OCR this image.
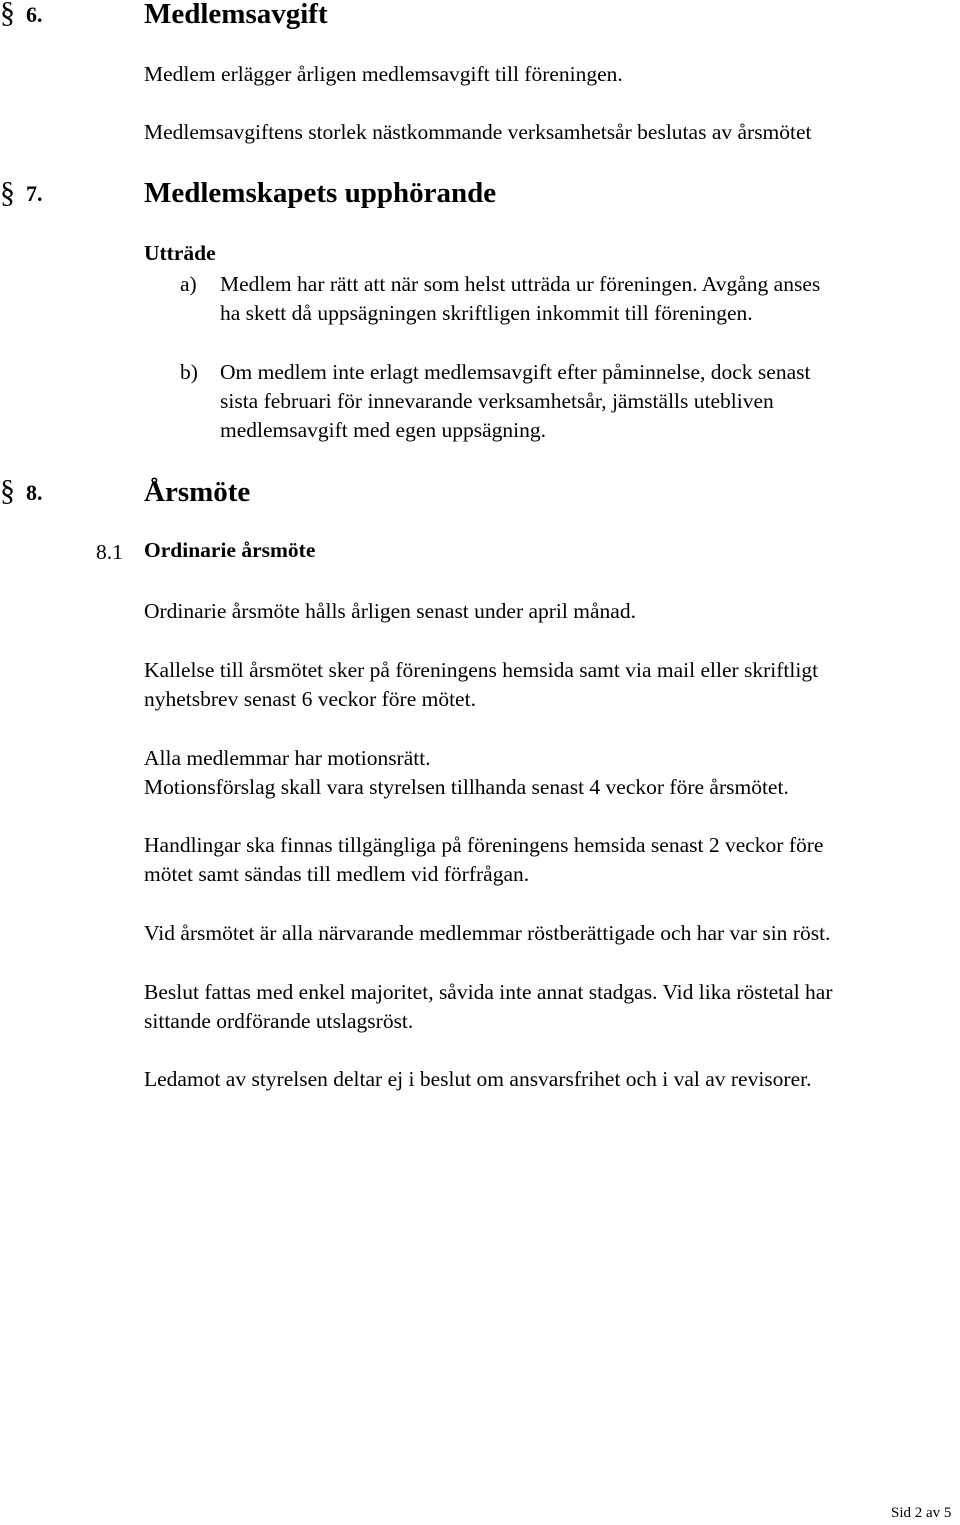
§ 6.	Medlemsavgift
Medlem erlägger årligen medlemsavgift till föreningen.
Medlemsavgiftens storlek nästkommande verksamhetsår beslutas av årsmötet
§ 7.	Medlemskapets upphörande
Utträde
a) Medlem har rätt att när som helst utträda ur föreningen. Avgång anses
ha skett då uppsägningen skriftligen inkommit till föreningen.
b) Om medlem inte erlagt medlemsavgift efter påminnelse, dock senast
sista februari för innevarande verksamhetsår, jämställs utebliven
medlemsavgift med egen uppsägning.
§ 8.	Årsmöte
8.1 Ordinarie årsmöte
Ordinarie årsmöte hålls årligen senast under april månad.
Kallelse till årsmötet sker på föreningens hemsida samt via mail eller skriftligt
nyhetsbrev senast 6 veckor före mötet.
Alla medlemmar har motionsrätt.
Motionsförslag skall vara styrelsen tillhanda senast 4 veckor före årsmötet.
Handlingar ska finnas tillgängliga på föreningens hemsida senast 2 veckor före
mötet samt sändas till medlem vid förfrågan.
Vid årsmötet är alla närvarande medlemmar röstberättigade och har var sin röst.
Beslut fattas med enkel majoritet, såvida inte annat stadgas. Vid lika röstetal har
sittande ordförande utslagsröst.
Ledamot av styrelsen deltar ej i beslut om ansvarsfrihet och i val av revisorer.
Sid 2 av 5
